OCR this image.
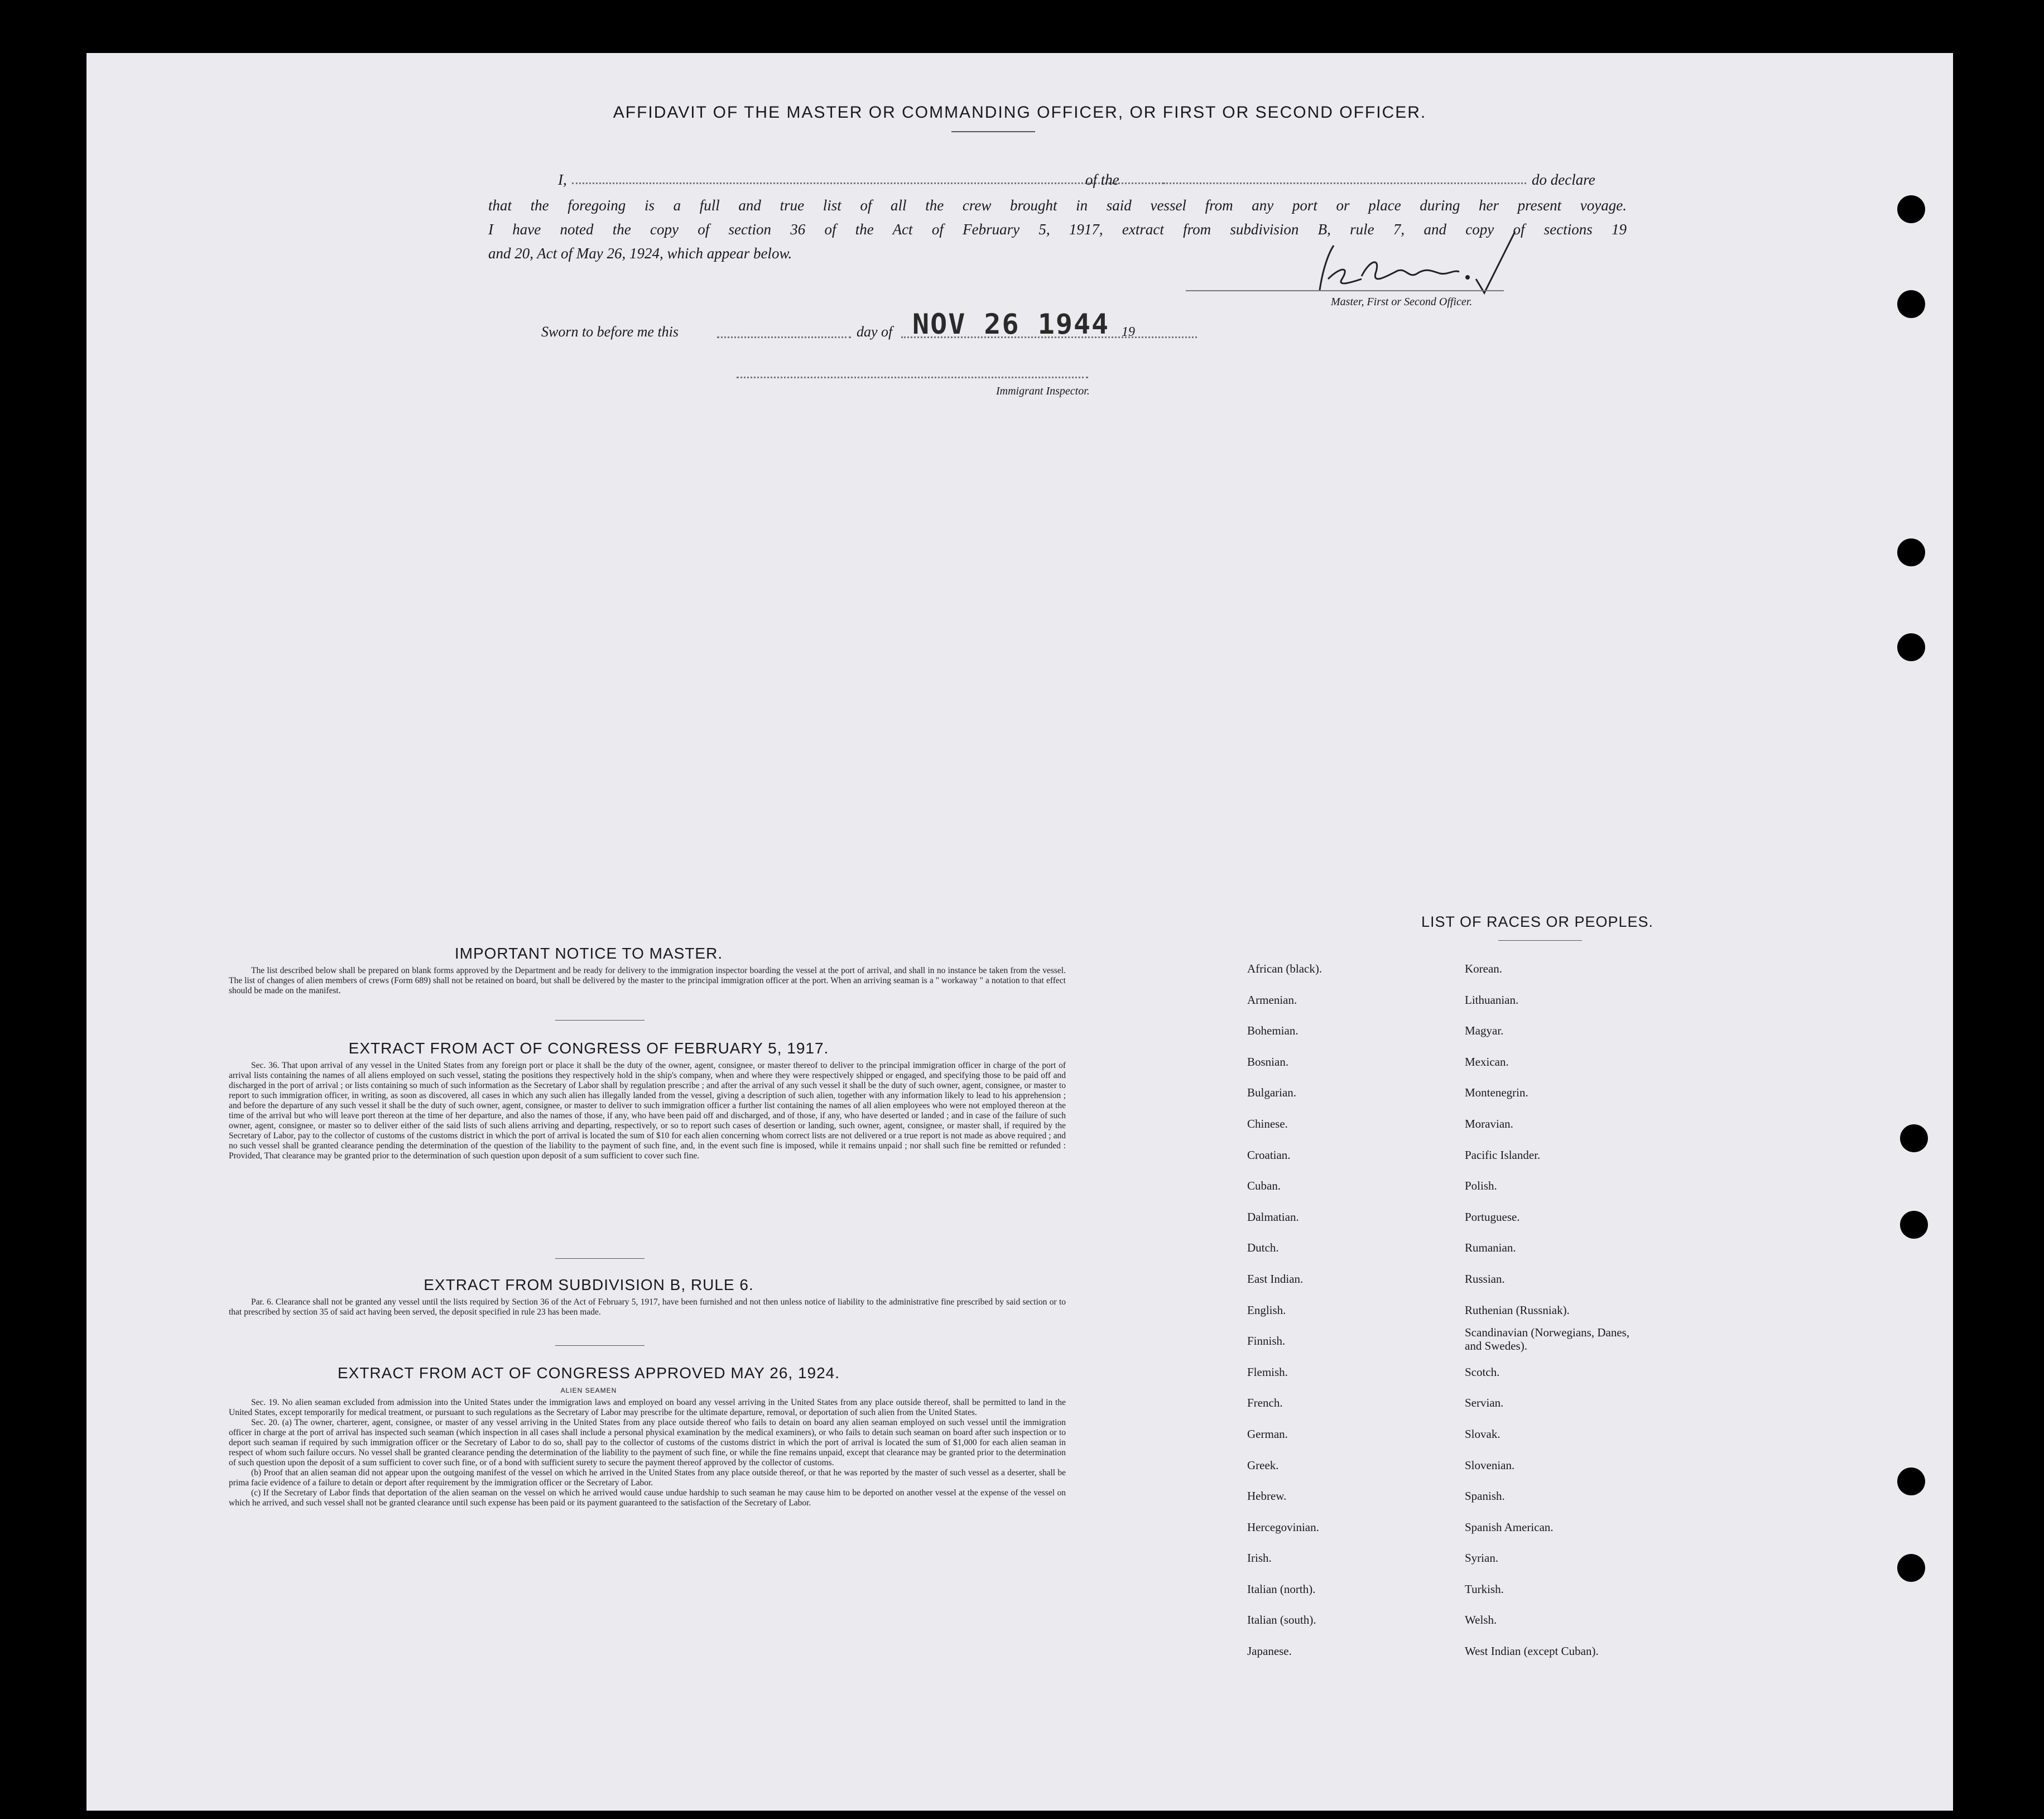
AFFIDAVIT OF THE MASTER OR COMMANDING OFFICER, OR FIRST OR SECOND OFFICER.
I,	of the	do declare
that the foregoing is a full and true list of all the crew brought in said vessel from any port or place during her present voyage.
I have noted the copy of section 36 of the Act of February 5, 1917, extract from subdivision B, rule 7, and copy of sections 19
and 20, Act of May 26, 1924, which appear below.
Master, First or Second Officer.
Sworn to before me this	day of NOV 26 1944 19
Immigrant Inspector.
IMPORTANT NOTICE TO MASTER.

The list described below shall be prepared on blank forms approved by the Department and be ready for delivery to the immigration inspector boarding the vessel at the port of arrival, and shall in no instance be taken from the vessel. The list of changes of alien members of crews (Form 689) shall not be retained on board, but shall be delivered by the master to the principal immigration officer at the port. When an arriving seaman is a " workaway " a notation to that effect should be made on the manifest.

EXTRACT FROM ACT OF CONGRESS OF FEBRUARY 5, 1917.

Sec. 36. That upon arrival of any vessel in the United States from any foreign port or place it shall be the duty of the owner, agent, consignee, or master thereof to deliver to the principal immigration officer in charge of the port of arrival lists containing the names of all aliens employed on such vessel, stating the positions they respectively hold in the ship's company, when and where they were respectively shipped or engaged, and specifying those to be paid off and discharged in the port of arrival ; or lists containing so much of such information as the Secretary of Labor shall by regulation prescribe ; and after the arrival of any such vessel it shall be the duty of such owner, agent, consignee, or master to report to such immigration officer, in writing, as soon as discovered, all cases in which any such alien has illegally landed from the vessel, giving a description of such alien, together with any information likely to lead to his apprehension ; and before the departure of any such vessel it shall be the duty of such owner, agent, consignee, or master to deliver to such immigration officer a further list containing the names of all alien employees who were not employed thereon at the time of the arrival but who will leave port thereon at the time of her departure, and also the names of those, if any, who have been paid off and discharged, and of those, if any, who have deserted or landed ; and in case of the failure of such owner, agent, consignee, or master so to deliver either of the said lists of such aliens arriving and departing, respectively, or so to report such cases of desertion or landing, such owner, agent, consignee, or master shall, if required by the Secretary of Labor, pay to the collector of customs of the customs district in which the port of arrival is located the sum of $10 for each alien concerning whom correct lists are not delivered or a true report is not made as above required ; and no such vessel shall be granted clearance pending the determination of the question of the liability to the payment of such fine, and, in the event such fine is imposed, while it remains unpaid ; nor shall such fine be remitted or refunded : Provided, That clearance may be granted prior to the determination of such question upon deposit of a sum sufficient to cover such fine.

EXTRACT FROM SUBDIVISION B, RULE 6.

Par. 6. Clearance shall not be granted any vessel until the lists required by Section 36 of the Act of February 5, 1917, have been furnished and not then unless notice of liability to the administrative fine prescribed by said section or to that prescribed by section 35 of said act having been served, the deposit specified in rule 23 has been made.

EXTRACT FROM ACT OF CONGRESS APPROVED MAY 26, 1924.
ALIEN SEAMEN

Sec. 19. No alien seaman excluded from admission into the United States under the immigration laws and employed on board any vessel arriving in the United States from any place outside thereof, shall be permitted to land in the United States, except temporarily for medical treatment, or pursuant to such regulations as the Secretary of Labor may prescribe for the ultimate departure, removal, or deportation of such alien from the United States.

Sec. 20. (a) The owner, charterer, agent, consignee, or master of any vessel arriving in the United States from any place outside thereof who fails to detain on board any alien seaman employed on such vessel until the immigration officer in charge at the port of arrival has inspected such seaman (which inspection in all cases shall include a personal physical examination by the medical examiners), or who fails to detain such seaman on board after such inspection or to deport such seaman if required by such immigration officer or the Secretary of Labor to do so, shall pay to the collector of customs of the customs district in which the port of arrival is located the sum of $1,000 for each alien seaman in respect of whom such failure occurs. No vessel shall be granted clearance pending the determination of the liability to the payment of such fine, or while the fine remains unpaid, except that clearance may be granted prior to the determination of such question upon the deposit of a sum sufficient to cover such fine, or of a bond with sufficient surety to secure the payment thereof approved by the collector of customs.

(b) Proof that an alien seaman did not appear upon the outgoing manifest of the vessel on which he arrived in the United States from any place outside thereof, or that he was reported by the master of such vessel as a deserter, shall be prima facie evidence of a failure to detain or deport after requirement by the immigration officer or the Secretary of Labor.

(c) If the Secretary of Labor finds that deportation of the alien seaman on the vessel on which he arrived would cause undue hardship to such seaman he may cause him to be deported on another vessel at the expense of the vessel on which he arrived, and such vessel shall not be granted clearance until such expense has been paid or its payment guaranteed to the satisfaction of the Secretary of Labor.

LIST OF RACES OR PEOPLES.
African (black).
Armenian.
Bohemian.
Bosnian.
Bulgarian.
Chinese.
Croatian.
Cuban.
Dalmatian.
Dutch.
East Indian.
English.
Finnish.
Flemish.
French.
German.
Greek.
Hebrew.
Hercegovinian.
Irish.
Italian (north).
Italian (south).
Japanese.
Korean.
Lithuanian.
Magyar.
Mexican.
Montenegrin.
Moravian.
Pacific Islander.
Polish.
Portuguese.
Rumanian.
Russian.
Ruthenian (Russniak).
Scandinavian (Norwegians, Danes, and Swedes).
Scotch.
Servian.
Slovak.
Slovenian.
Spanish.
Spanish American.
Syrian.
Turkish.
Welsh.
West Indian (except Cuban).
